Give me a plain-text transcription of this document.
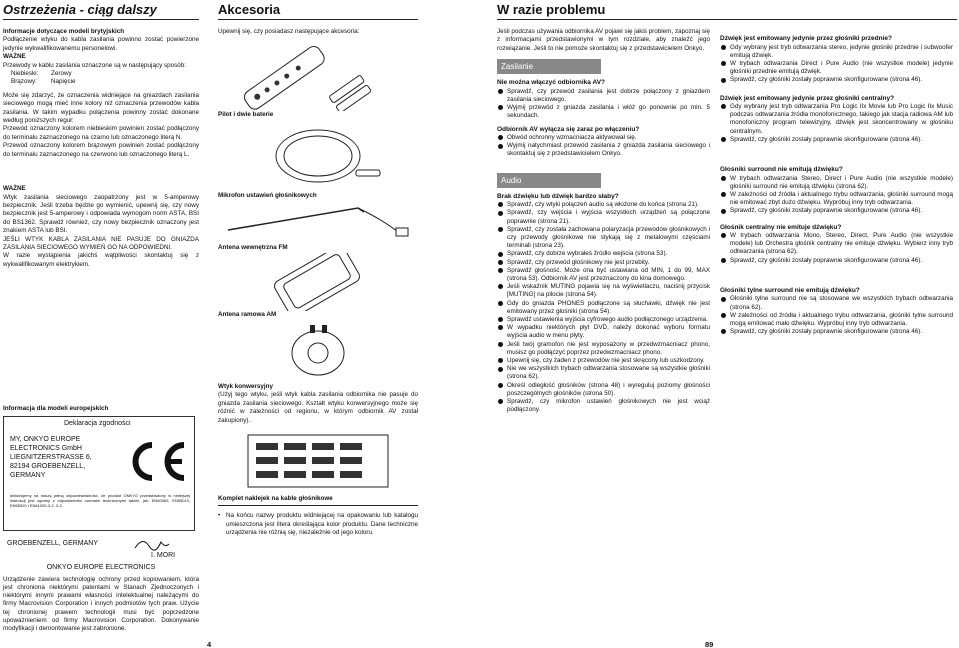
Ostrzeżenia - ciąg dalszy
Informacje dotyczące modeli brytyjskich
Podłączenie wtyku do kabla zasilania powinno zostać powierzone jedynie wykwalifikowanemu personelowi.
WAŻNE
Przewody w kablu zasilania oznaczone są w następujący sposób:
Niebieski:	Zerowy
Brązowy:	Napięcie
Może się zdarzyć, że oznaczenia widniejące na gniazdach zasilania sieciowego mogą mieć inne kolory niż oznaczenia przewodów kabla zasilania. W takim wypadku połączenia powinny zostać dokonane według poniższych reguł:
Przewód oznaczony kolorem niebieskim powinien zostać podłączony do terminalu zaznaczonego na czarno lub oznaczonego literą N.
Przewód oznaczony kolorem brązowym powinien zostać podłączony do terminalu zaznaczonego na czerwono lub oznaczonego literą L.
WAŻNE
Wtyk zasilania sieciowego zaopatrzony jest w 5-amperowy bezpiecznik. Jeśli trzeba będzie go wymienić, upewnij się, czy nowy bezpiecznik jest 5-amperowy i odpowiada wymogom norm ASTA, BSI do BS1362. Sprawdź również, czy nowy bezpiecznik oznaczony jest znakiem ASTA lub BSI.
JEŚLI WTYK KABLA ZASILANIA NIE PASUJE DO GNIAZDA ZASILANIA SIECIOWEGO WYMIEŃ GO NA ODPOWIEDNI.
W razie wystąpienia jakichś wątpliwości skontaktuj się z wykwalifikowanym elektrykiem.
Informacja dla modeli europejskich
Deklaracja zgodności
MY, ONKYO EUROPE
ELECTRONICS GmbH
LIEGNITZERSTRASSE 6,
82194 GROEBENZELL,
GERMANY
deklarujemy na naszą pełną odpowiedzialność, że produkt ONKYO przedstawiony w niniejszej instrukcji jest zgodny z odpowiednimi normami technicznymi takimi, jak: EN60065, EN55013, EN55020 i EN61000-3-2, 3-3.
GROEBENZELL, GERMANY
I. MORI
ONKYO EUROPE ELECTRONICS
Urządzenie zawiera technologię ochrony przed kopiowaniem, która jest chroniona niektórymi patentami w Stanach Zjednoczonych i niektórymi innymi prawami własności intelektualnej należącymi do firmy Macrovision Corporation i innych podmiotów tych praw. Użycie tej chronionej prawem technologii musi być poprzedzone upoważnieniem od firmy Macrovision Corporation. Dokonywanie modyfikacji i demontowanie jest zabronione.
4
Akcesoria
Upewnij się, czy posiadasz następujące akcesoria:
Pilot i dwie baterie
Mikrofon ustawień głośnikowych
Antena wewnętrzna FM
Antena ramowa AM
Wtyk konwersyjny
(Użyj tego wtyku, jeśli wtyk kabla zasilania odbiornika nie pasuje do gniazda zasilania sieciowego. Kształt wtyku konwersyjnego może się różnić w zależności od regionu, w którym odbiornik AV został zakupiony).
Komplet naklejek na kable głośnikowe
• Na końcu nazwy produktu widniejącej na opakowaniu lub katalogu umieszczona jest litera określająca kolor produktu. Dane techniczne urządzenia nie różnią się, niezależnie od jego koloru.
W razie problemu
Jeśli podczas używania odbiornika AV pojawi się jakiś problem, zapoznaj się z informacjami przedstawionymi w tym rozdziale, aby znaleźć jego rozwiązanie. Jeśli to nie pomoże skontaktuj się z przedstawicielem Onkyo.
Zasilanie
Nie można włączyć odbiornika AV?
Sprawdź, czy przewód zasilania jest dobrze połączony z gniazdem zasilania sieciowego.
Wyjmij przewód z gniazda zasilania i włóż go ponownie po min. 5 sekundach.
Odbiornik AV wyłącza się zaraz po włączeniu?
Obwód ochronny wzmacniacza aktywował się.
Wyjmij natychmiast przewód zasilania z gniazda zasilania sieciowego i skontaktuj się z przedstawicielem Onkyo.
Audio
Brak dźwięku lub dźwięk bardzo słaby?
Sprawdź, czy wtyki połączeń audio są włożone do końca (strona 21).
Sprawdź, czy wejścia i wyjścia wszystkich urządzeń są połączone poprawnie (strona 21).
Sprawdź, czy została zachowana polaryzacja przewodów głośnikowych i czy przewody głośnikowe nie stykają się z metalowymi częściami terminali (strona 23).
Sprawdź, czy dobrze wybrałeś źródło wejścia (strona 53).
Sprawdź, czy przewód głośnikowy nie jest przebity.
Sprawdź głośność. Może ona być ustawiana od MIN, 1 do 99, MAX (strona 53). Odbiornik AV jest przeznaczony do kina domowego.
Jeśli wskaźnik MUTING pojawia się na wyświetlaczu, naciśnij przycisk [MUTING] na pilocie (strona 54).
Gdy do gniazda PHONES podłączone są słuchawki, dźwięk nie jest emitowany przez głośniki (strona 54).
Sprawdź ustawienia wyjścia cyfrowego audio podłączonego urządzenia.
W wypadku niektórych płyt DVD, należy dokonać wyboru formatu wyjścia audio w menu płyty.
Jeśli twój gramofon nie jest wyposażony w przedwzmacniacz phono, musisz go podłączyć poprzez przedwzmacniacz phono.
Upewnij się, czy żaden z przewodów nie jest skręcony lub uszkodzony.
Nie we wszystkich trybach odtwarzania stosowane są wszystkie głośniki (strona 62).
Określ odległość głośników (strona 48) i wyreguluj poziomy głośności poszczególnych głośników (strona 50).
Sprawdź, czy mikrofon ustawień głośnikowych nie jest wciąż podłączony.
Dźwięk jest emitowany jedynie przez głośniki przednie?
Gdy wybrany jest tryb odtwarzania stereo, jedynie głośniki przednie i subwoofer emitują dźwięk.
W trybach odtwarzania Direct i Pure Audio (nie wszystkie modele) jedynie głośniki przednie emitują dźwięk.
Sprawdź, czy głośniki zostały poprawnie skonfigurowane (strona 46).
Dźwięk jest emitowany jedynie przez głośniki centralny?
Gdy wybrany jest tryb odtwarzania Pro Logic IIx Movie lub Pro Logic IIx Music podczas odtwarzania źródła monofonicznego, takiego jak stacja radiowa AM lub monofoniczny program telewizyjny, dźwięk jest skoncentrowany w głośniku centralnym.
Sprawdź, czy głośniki zostały poprawnie skonfigurowane (strona 46).
Głośniki surround nie emitują dźwięku?
W trybach odtwarzania Stereo, Direct i Pure Audio (nie wszystkie modele) głośniki surround nie emitują dźwięku (strona 62).
W zależności od źródła i aktualnego trybu odtwarzania, głośniki surround mogą nie emitować zbyt dużo dźwięku. Wypróbuj inny tryb odtwarzania.
Sprawdź, czy głośniki zostały poprawnie skonfigurowane (strona 46).
Głośnik centralny nie emituje dźwięku?
W trybach odtwarzania Mono, Stereo, Direct, Pure Audio (nie wszystkie modele) lub Orchestra głośnik centralny nie emituje dźwięku. Wybierz inny tryb odtwarzania (strona 62).
Sprawdź, czy głośniki zostały poprawnie skonfigurowane (strona 46).
Głośniki tylne surround nie emitują dźwięku?
Głośniki tylne surround nie są stosowane we wszystkich trybach odtwarzania (strona 62).
W zależności od źródła i aktualnego trybu odtwarzania, głośniki tylne surround mogą emitować mało dźwięku. Wypróbuj inny tryb odtwarzania.
Sprawdź, czy głośniki zostały poprawnie skonfigurowane (strona 46).
89
